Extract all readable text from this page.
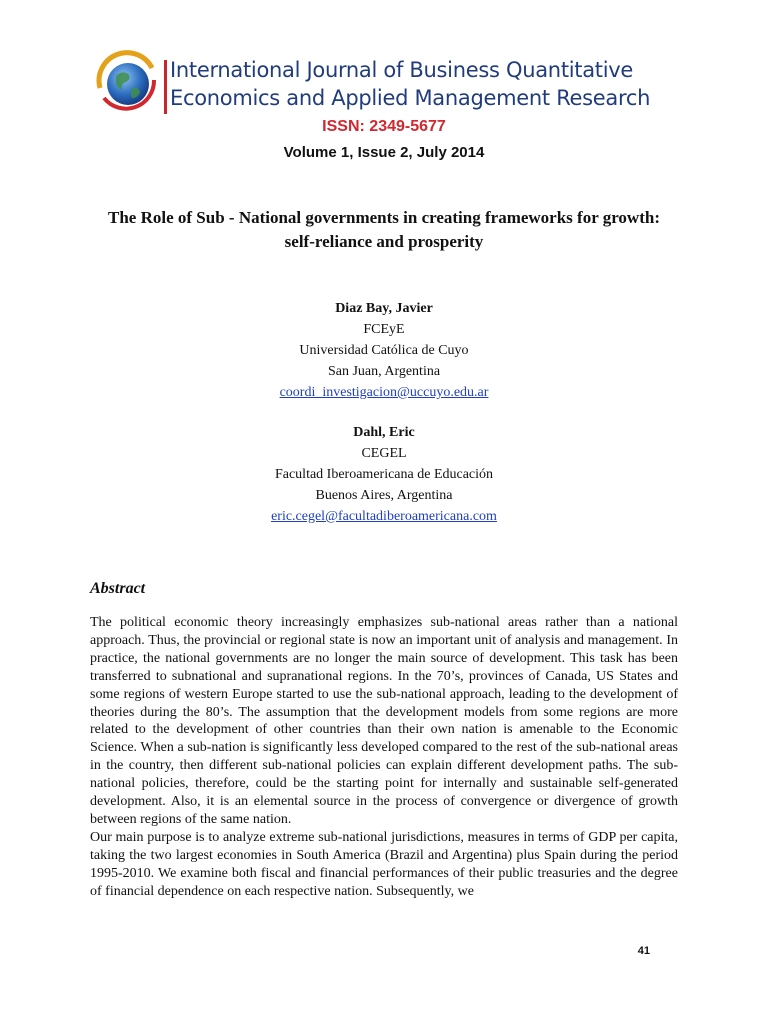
International Journal of Business Quantitative
Economics and Applied Management Research
ISSN: 2349-5677
Volume 1, Issue 2, July 2014
The Role of Sub - National governments in creating frameworks for growth:
self-reliance and prosperity
Diaz Bay, Javier
FCEyE
Universidad Católica de Cuyo
San Juan, Argentina
coordi_investigacion@uccuyo.edu.ar
Dahl, Eric
CEGEL
Facultad Iberoamericana de Educación
Buenos Aires, Argentina
eric.cegel@facultadiberoamericana.com
Abstract

The political economic theory increasingly emphasizes sub-national areas rather than a national approach. Thus, the provincial or regional state is now an important unit of analysis and management. In practice, the national governments are no longer the main source of development. This task has been transferred to subnational and supranational regions. In the 70’s, provinces of Canada, US States and some regions of western Europe started to use the sub-national approach, leading to the development of theories during the 80’s. The assumption that the development models from some regions are more related to the development of other countries than their own nation is amenable to the Economic Science. When a sub-nation is significantly less developed compared to the rest of the sub-national areas in the country, then different sub-national policies can explain different development paths. The sub-national policies, therefore, could be the starting point for internally and sustainable self-generated development. Also, it is an elemental source in the process of convergence or divergence of growth between regions of the same nation.

Our main purpose is to analyze extreme sub-national jurisdictions, measures in terms of GDP per capita, taking the two largest economies in South America (Brazil and Argentina) plus Spain during the period 1995-2010. We examine both fiscal and financial performances of their public treasuries and the degree of financial dependence on each respective nation. Subsequently, we

41
